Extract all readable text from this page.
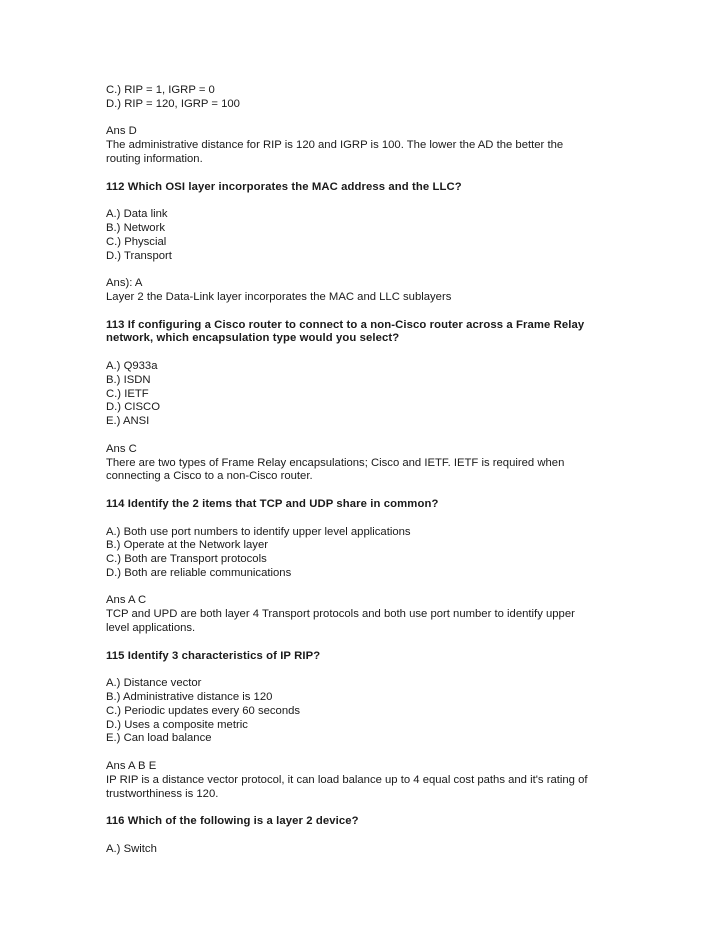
C.) RIP = 1, IGRP = 0
D.) RIP = 120, IGRP = 100
Ans D
The administrative distance for RIP is 120 and IGRP is 100. The lower the AD the better the
routing information.
112 Which OSI layer incorporates the MAC address and the LLC?
A.) Data link
B.) Network
C.) Physcial
D.) Transport
Ans): A
Layer 2 the Data-Link layer incorporates the MAC and LLC sublayers
113 If configuring a Cisco router to connect to a non-Cisco router across a Frame Relay
network, which encapsulation type would you select?
A.) Q933a
B.) ISDN
C.) IETF
D.) CISCO
E.) ANSI
Ans C
There are two types of Frame Relay encapsulations; Cisco and IETF. IETF is required when
connecting a Cisco to a non-Cisco router.
114 Identify the 2 items that TCP and UDP share in common?
A.) Both use port numbers to identify upper level applications
B.) Operate at the Network layer
C.) Both are Transport protocols
D.) Both are reliable communications
Ans A C
TCP and UPD are both layer 4 Transport protocols and both use port number to identify upper
level applications.
115 Identify 3 characteristics of IP RIP?
A.) Distance vector
B.) Administrative distance is 120
C.) Periodic updates every 60 seconds
D.) Uses a composite metric
E.) Can load balance
Ans A B E
IP RIP is a distance vector protocol, it can load balance up to 4 equal cost paths and it's rating of
trustworthiness is 120.
116 Which of the following is a layer 2 device?
A.) Switch
